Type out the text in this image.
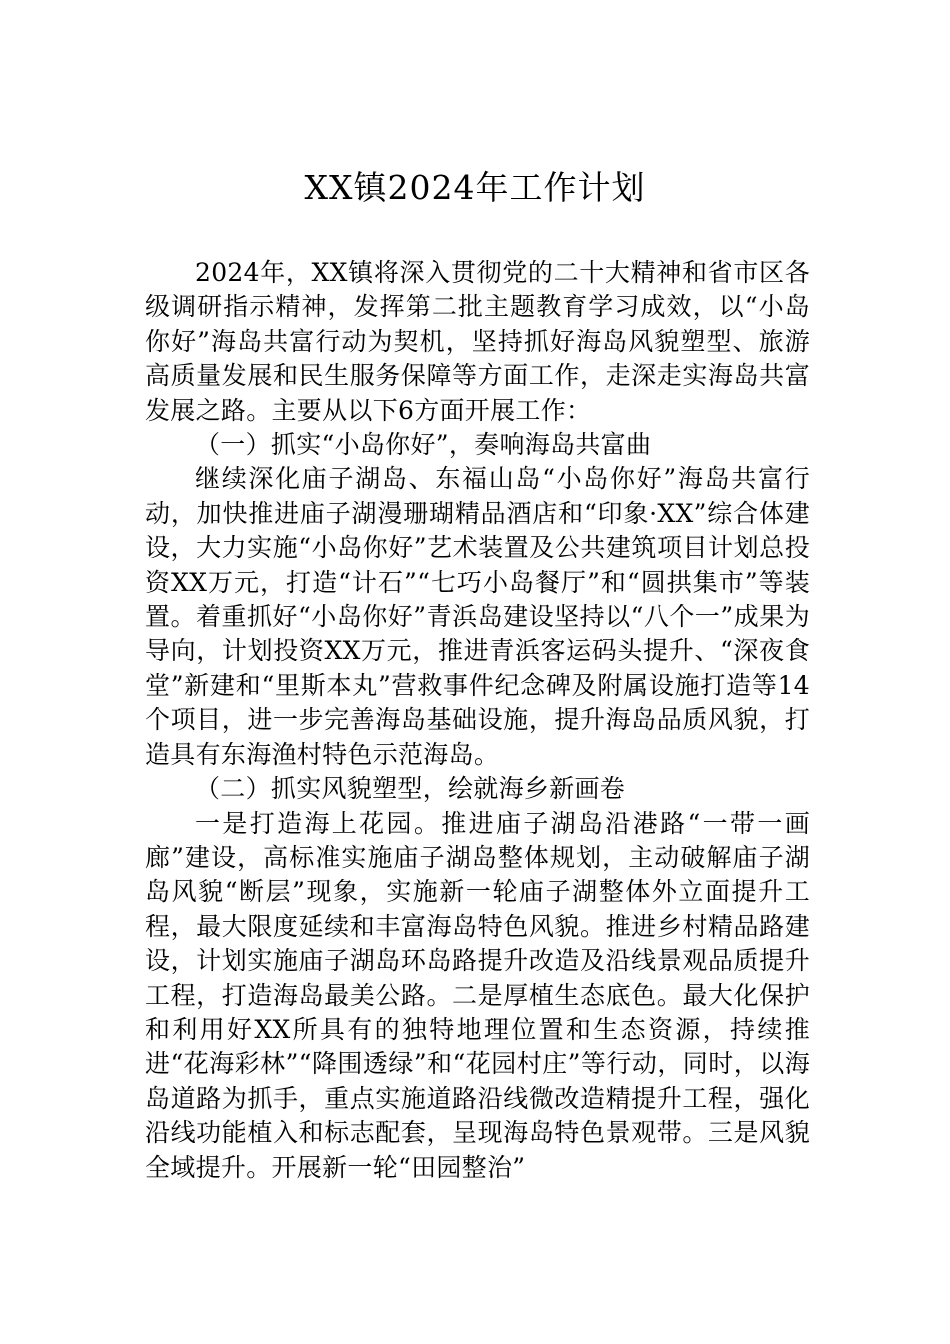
XX镇2024年工作计划

2024年，XX镇将深入贯彻党的二十大精神和省市区各级调研指示精神，发挥第二批主题教育学习成效，以“小岛你好”海岛共富行动为契机，坚持抓好海岛风貌塑型、旅游高质量发展和民生服务保障等方面工作，走深走实海岛共富发展之路。主要从以下6方面开展工作：

（一）抓实“小岛你好”，奏响海岛共富曲

继续深化庙子湖岛、东福山岛“小岛你好”海岛共富行动，加快推进庙子湖漫珊瑚精品酒店和“印象·XX”综合体建设，大力实施“小岛你好”艺术装置及公共建筑项目计划总投资XX万元，打造“计石”“七巧小岛餐厅”和“圆拱集市”等装置。着重抓好“小岛你好”青浜岛建设坚持以“八个一”成果为导向，计划投资XX万元，推进青浜客运码头提升、“深夜食堂”新建和“里斯本丸”营救事件纪念碑及附属设施打造等14个项目，进一步完善海岛基础设施，提升海岛品质风貌，打造具有东海渔村特色示范海岛。

（二）抓实风貌塑型，绘就海乡新画卷

一是打造海上花园。推进庙子湖岛沿港路“一带一画廊”建设，高标准实施庙子湖岛整体规划，主动破解庙子湖岛风貌“断层”现象，实施新一轮庙子湖整体外立面提升工程，最大限度延续和丰富海岛特色风貌。推进乡村精品路建设，计划实施庙子湖岛环岛路提升改造及沿线景观品质提升工程，打造海岛最美公路。二是厚植生态底色。最大化保护和利用好XX所具有的独特地理位置和生态资源，持续推进“花海彩林”“降围透绿”和“花园村庄”等行动，同时，以海岛道路为抓手，重点实施道路沿线微改造精提升工程，强化沿线功能植入和标志配套，呈现海岛特色景观带。三是风貌全域提升。开展新一轮“田园整治”
